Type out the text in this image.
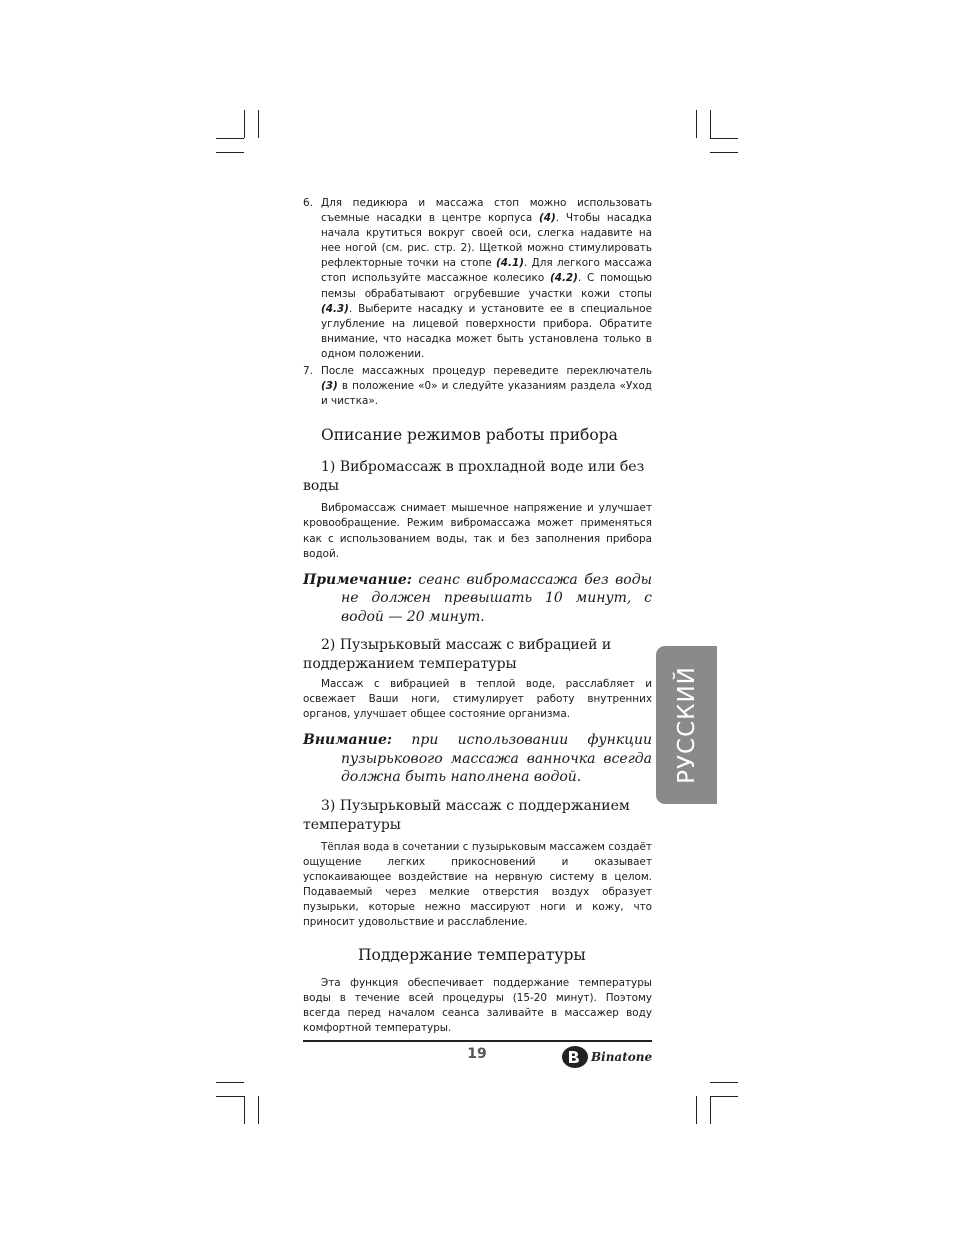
6. Для педикюра и массажа стоп можно использовать съемные насадки в центре корпуса (4). Чтобы насадка начала крутиться вокруг своей оси, слегка надавите на нее ногой (см. рис. стр. 2). Щеткой можно стимулировать рефлекторные точки на стопе (4.1). Для легкого массажа стоп используйте массажное колесико (4.2). С помощью пемзы обрабатывают огрубевшие участки кожи стопы (4.3). Выберите насадку и установите ее в специальное углубление на лицевой поверхности прибора. Обратите внимание, что насадка может быть установлена только в одном положении.
7. После массажных процедур переведите переключатель (3) в положение «0» и следуйте указаниям раздела «Уход и чистка».
Описание режимов работы прибора
1) Вибромассаж в прохладной воде или без воды

Вибромассаж снимает мышечное напряжение и улучшает кровообращение. Режим вибромассажа может применяться как с использованием воды, так и без заполнения прибора водой.

Примечание: сеанс вибромассажа без воды не должен превышать 10 минут, с водой — 20 минут.
2) Пузырьковый массаж с вибрацией и поддержанием температуры

Массаж с вибрацией в теплой воде, расслабляет и освежает Ваши ноги, стимулирует работу внутренних органов, улучшает общее состояние организма.

Внимание: при использовании функции пузырькового массажа ванночка всегда должна быть наполнена водой.
3) Пузырьковый массаж с поддержанием температуры

Тёплая вода в сочетании с пузырьковым массажем создаёт ощущение легких прикосновений и оказывает успокаивающее воздействие на нервную систему в целом. Подаваемый через мелкие отверстия воздух образует пузырьки, которые нежно массируют ноги и кожу, что приносит удовольствие и расслабление.

Поддержание температуры

Эта функция обеспечивает поддержание температуры воды в течение всей процедуры (15-20 минут). Поэтому всегда перед началом сеанса заливайте в массажер воду комфортной температуры.

РУССКИЙ
19	Binatone
